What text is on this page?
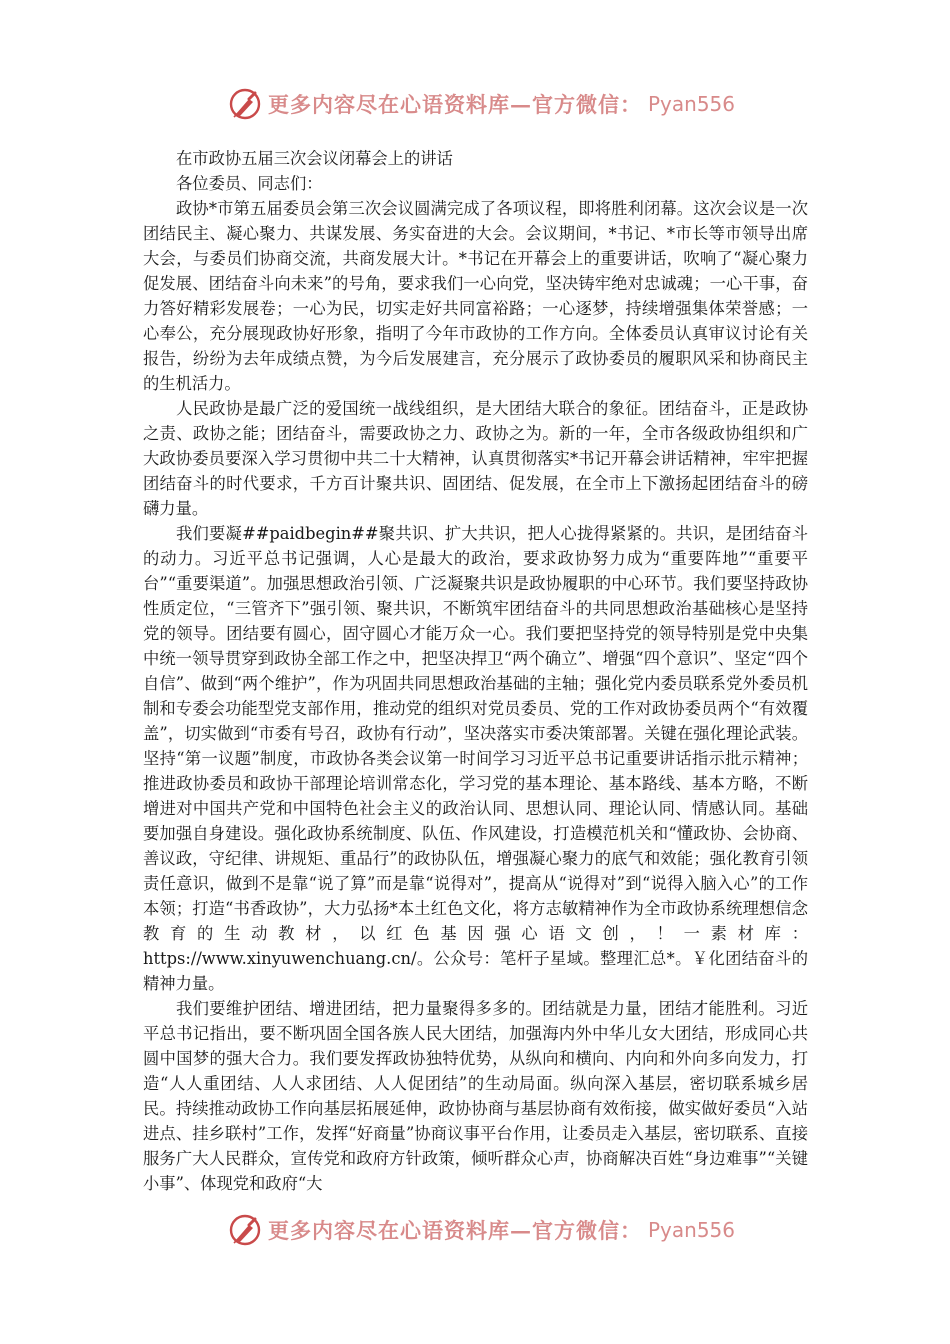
更多内容尽在心语资料库—官方微信： Pyan556

在市政协五届三次会议闭幕会上的讲话

各位委员、同志们：

政协*市第五届委员会第三次会议圆满完成了各项议程，即将胜利闭幕。这次会议是一次团结民主、凝心聚力、共谋发展、务实奋进的大会。会议期间，*书记、*市长等市领导出席大会，与委员们协商交流，共商发展大计。*书记在开幕会上的重要讲话，吹响了“凝心聚力促发展、团结奋斗向未来”的号角，要求我们一心向党，坚决铸牢绝对忠诚魂；一心干事，奋力答好精彩发展卷；一心为民，切实走好共同富裕路；一心逐梦，持续增强集体荣誉感；一心奉公，充分展现政协好形象，指明了今年市政协的工作方向。全体委员认真审议讨论有关报告，纷纷为去年成绩点赞，为今后发展建言，充分展示了政协委员的履职风采和协商民主的生机活力。

人民政协是最广泛的爱国统一战线组织，是大团结大联合的象征。团结奋斗，正是政协之责、政协之能；团结奋斗，需要政协之力、政协之为。新的一年，全市各级政协组织和广大政协委员要深入学习贯彻中共二十大精神，认真贯彻落实*书记开幕会讲话精神，牢牢把握团结奋斗的时代要求，千方百计聚共识、固团结、促发展，在全市上下激扬起团结奋斗的磅礴力量。

我们要凝##paidbegin##聚共识、扩大共识，把人心拢得紧紧的。共识，是团结奋斗的动力。习近平总书记强调，人心是最大的政治，要求政协努力成为“重要阵地”“重要平台”“重要渠道”。加强思想政治引领、广泛凝聚共识是政协履职的中心环节。我们要坚持政协性质定位，“三管齐下”强引领、聚共识，不断筑牢团结奋斗的共同思想政治基础核心是坚持党的领导。团结要有圆心，固守圆心才能万众一心。我们要把坚持党的领导特别是党中央集中统一领导贯穿到政协全部工作之中，把坚决捍卫“两个确立”、增强“四个意识”、坚定“四个自信”、做到“两个维护”，作为巩固共同思想政治基础的主轴；强化党内委员联系党外委员机制和专委会功能型党支部作用，推动党的组织对党员委员、党的工作对政协委员两个“有效覆盖”，切实做到“市委有号召，政协有行动”，坚决落实市委决策部署。关键在强化理论武装。坚持“第一议题”制度，市政协各类会议第一时间学习习近平总书记重要讲话指示批示精神；推进政协委员和政协干部理论培训常态化，学习党的基本理论、基本路线、基本方略，不断增进对中国共产党和中国特色社会主义的政治认同、思想认同、理论认同、情感认同。基础要加强自身建设。强化政协系统制度、队伍、作风建设，打造模范机关和“懂政协、会协商、善议政，守纪律、讲规矩、重品行”的政协队伍，增强凝心聚力的底气和效能；强化教育引领责任意识，做到不是靠“说了算”而是靠“说得对”，提高从“说得对”到“说得入脑入心”的工作本领；打造“书香政协”，大力弘扬*本土红色文化，将方志敏精神作为全市政协系统理想信念教育的生动教材，以红色基因强心语文创，！一素材库：https://www.xinyuwenchuang.cn/。公众号：笔杆子星域。整理汇总*。￥化团结奋斗的精神力量。

我们要维护团结、增进团结，把力量聚得多多的。团结就是力量，团结才能胜利。习近平总书记指出，要不断巩固全国各族人民大团结，加强海内外中华儿女大团结，形成同心共圆中国梦的强大合力。我们要发挥政协独特优势，从纵向和横向、内向和外向多向发力，打造“人人重团结、人人求团结、人人促团结”的生动局面。纵向深入基层，密切联系城乡居民。持续推动政协工作向基层拓展延伸，政协协商与基层协商有效衔接，做实做好委员“入站进点、挂乡联村”工作，发挥“好商量”协商议事平台作用，让委员走入基层，密切联系、直接服务广大人民群众，宣传党和政府方针政策，倾听群众心声，协商解决百姓“身边难事”“关键小事”、体现党和政府“大

更多内容尽在心语资料库—官方微信： Pyan556
